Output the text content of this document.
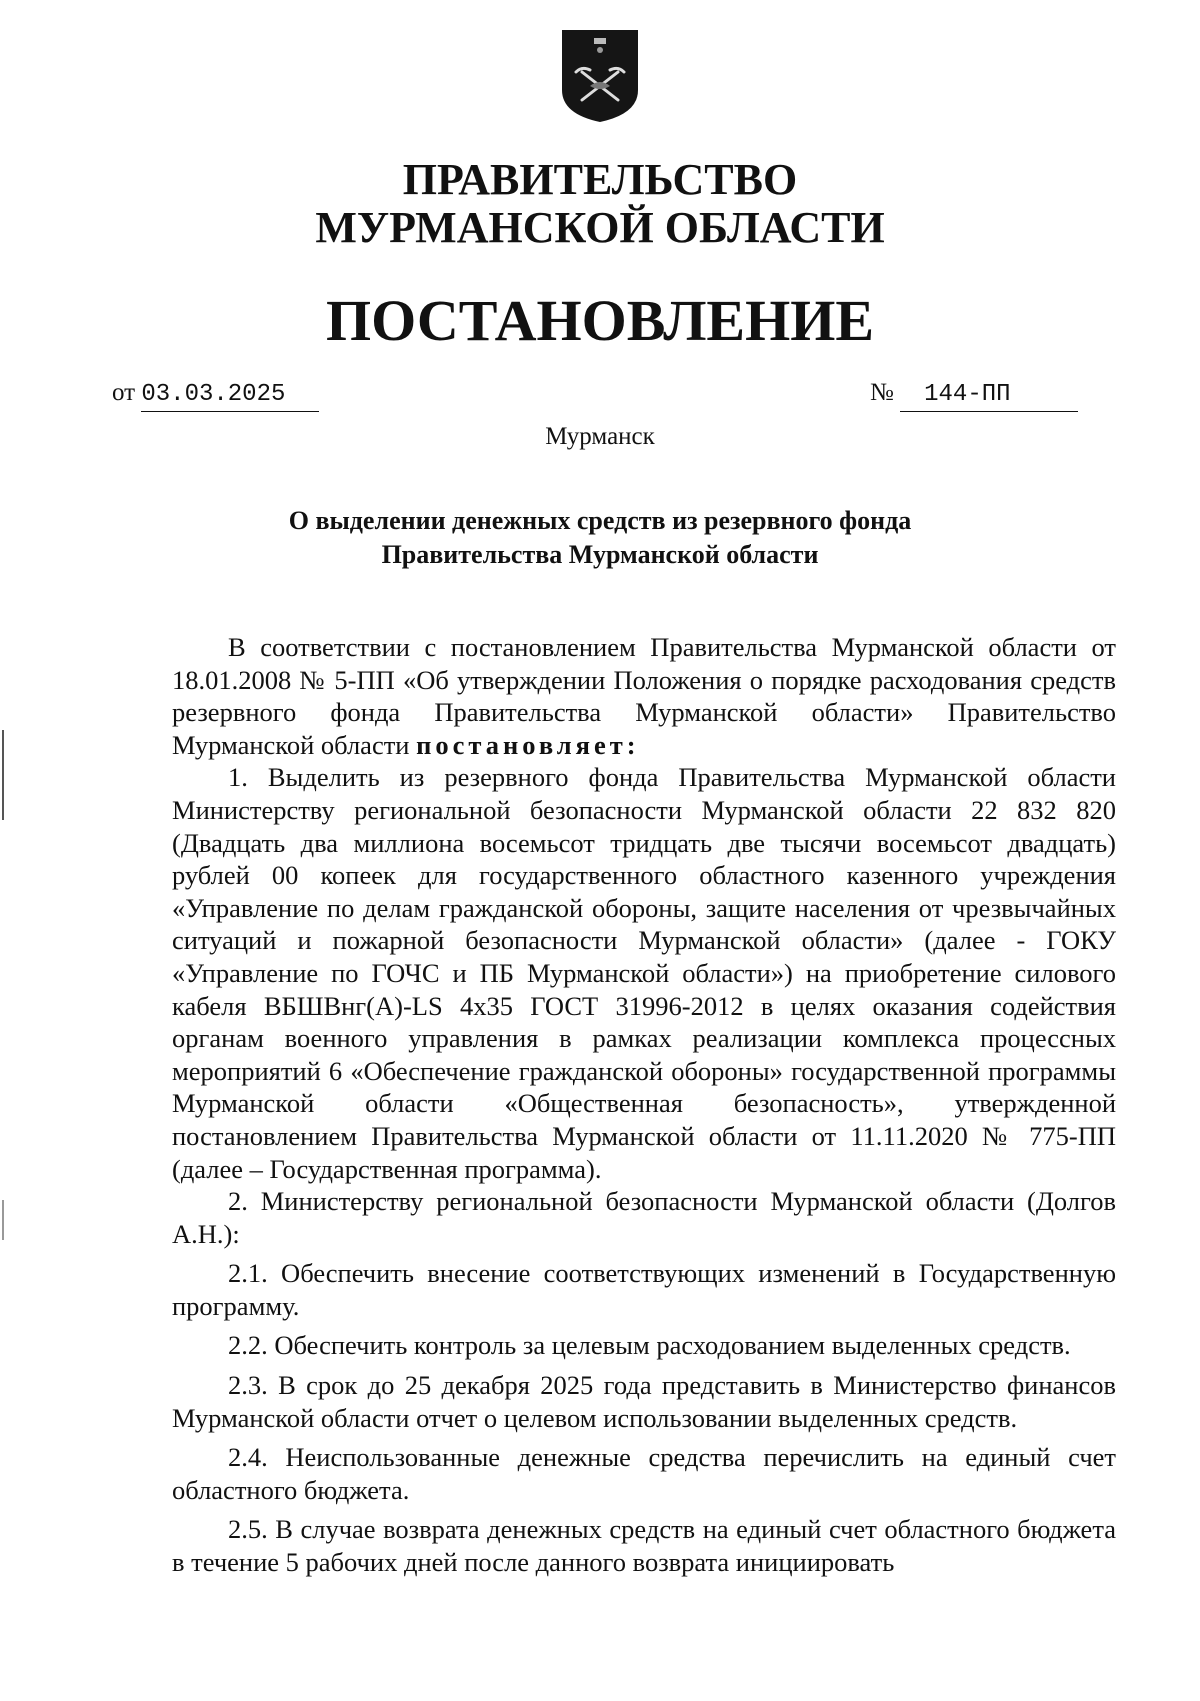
ПРАВИТЕЛЬСТВО
МУРМАНСКОЙ ОБЛАСТИ
ПОСТАНОВЛЕНИЕ
от 03.03.2025	№ 144-ПП
Мурманск
О выделении денежных средств из резервного фонда
Правительства Мурманской области

В соответствии с постановлением Правительства Мурманской области от 18.01.2008 № 5-ПП «Об утверждении Положения о порядке расходования средств резервного фонда Правительства Мурманской области» Правительство Мурманской области постановляет:

1. Выделить из резервного фонда Правительства Мурманской области Министерству региональной безопасности Мурманской области 22 832 820 (Двадцать два миллиона восемьсот тридцать две тысячи восемьсот двадцать) рублей 00 копеек для государственного областного казенного учреждения «Управление по делам гражданской обороны, защите населения от чрезвычайных ситуаций и пожарной безопасности Мурманской области» (далее - ГОКУ «Управление по ГОЧС и ПБ Мурманской области») на приобретение силового кабеля ВБШВнг(А)-LS 4х35 ГОСТ 31996-2012 в целях оказания содействия органам военного управления в рамках реализации комплекса процессных мероприятий 6 «Обеспечение гражданской обороны» государственной программы Мурманской области «Общественная безопасность», утвержденной постановлением Правительства Мурманской области от 11.11.2020 № 775-ПП (далее – Государственная программа).

2. Министерству региональной безопасности Мурманской области (Долгов А.Н.):

2.1. Обеспечить внесение соответствующих изменений в Государственную программу.

2.2. Обеспечить контроль за целевым расходованием выделенных средств.

2.3. В срок до 25 декабря 2025 года представить в Министерство финансов Мурманской области отчет о целевом использовании выделенных средств.

2.4. Неиспользованные денежные средства перечислить на единый счет областного бюджета.

2.5. В случае возврата денежных средств на единый счет областного бюджета в течение 5 рабочих дней после данного возврата инициировать
